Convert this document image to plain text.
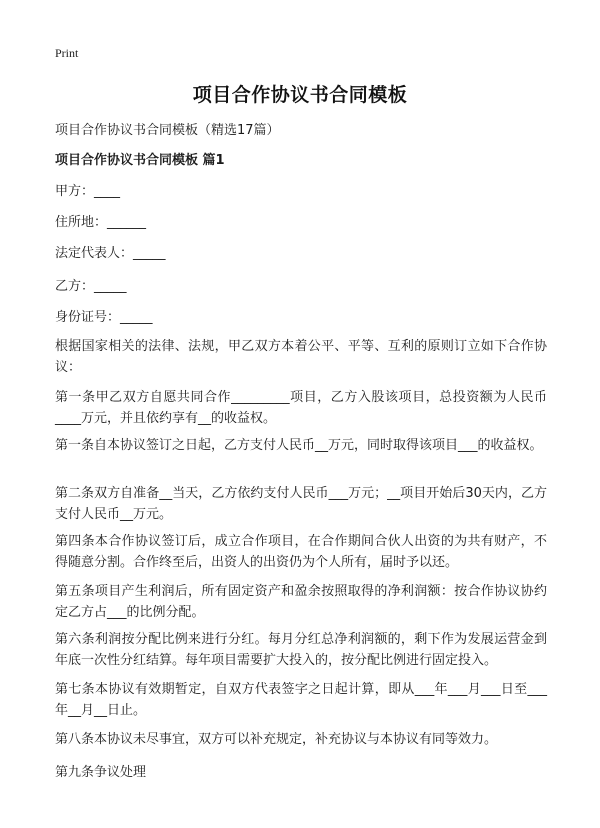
Print
项目合作协议书合同模板
项目合作协议书合同模板（精选17篇）
项目合作协议书合同模板 篇1
甲方：____
住所地：______
法定代表人：_____
乙方：_____
身份证号：_____
根据国家相关的法律、法规，甲乙双方本着公平、平等、互利的原则订立如下合作协议：
第一条甲乙双方自愿共同合作_________项目，乙方入股该项目，总投资额为人民币____万元，并且依约享有__的收益权。
第一条自本协议签订之日起，乙方支付人民币__万元，同时取得该项目___的收益权。
第二条双方自准备__当天，乙方依约支付人民币___万元；__项目开始后30天内，乙方支付人民币__万元。
第四条本合作协议签订后，成立合作项目，在合作期间合伙人出资的为共有财产，不得随意分割。合作终至后，出资人的出资仍为个人所有，届时予以还。
第五条项目产生利润后，所有固定资产和盈余按照取得的净利润额：按合作协议协约定乙方占___的比例分配。
第六条利润按分配比例来进行分红。每月分红总净利润额的，剩下作为发展运营金到年底一次性分红结算。每年项目需要扩大投入的，按分配比例进行固定投入。
第七条本协议有效期暂定，自双方代表签字之日起计算，即从___年___月___日至___年__月__日止。
第八条本协议未尽事宜，双方可以补充规定，补充协议与本协议有同等效力。
第九条争议处理
